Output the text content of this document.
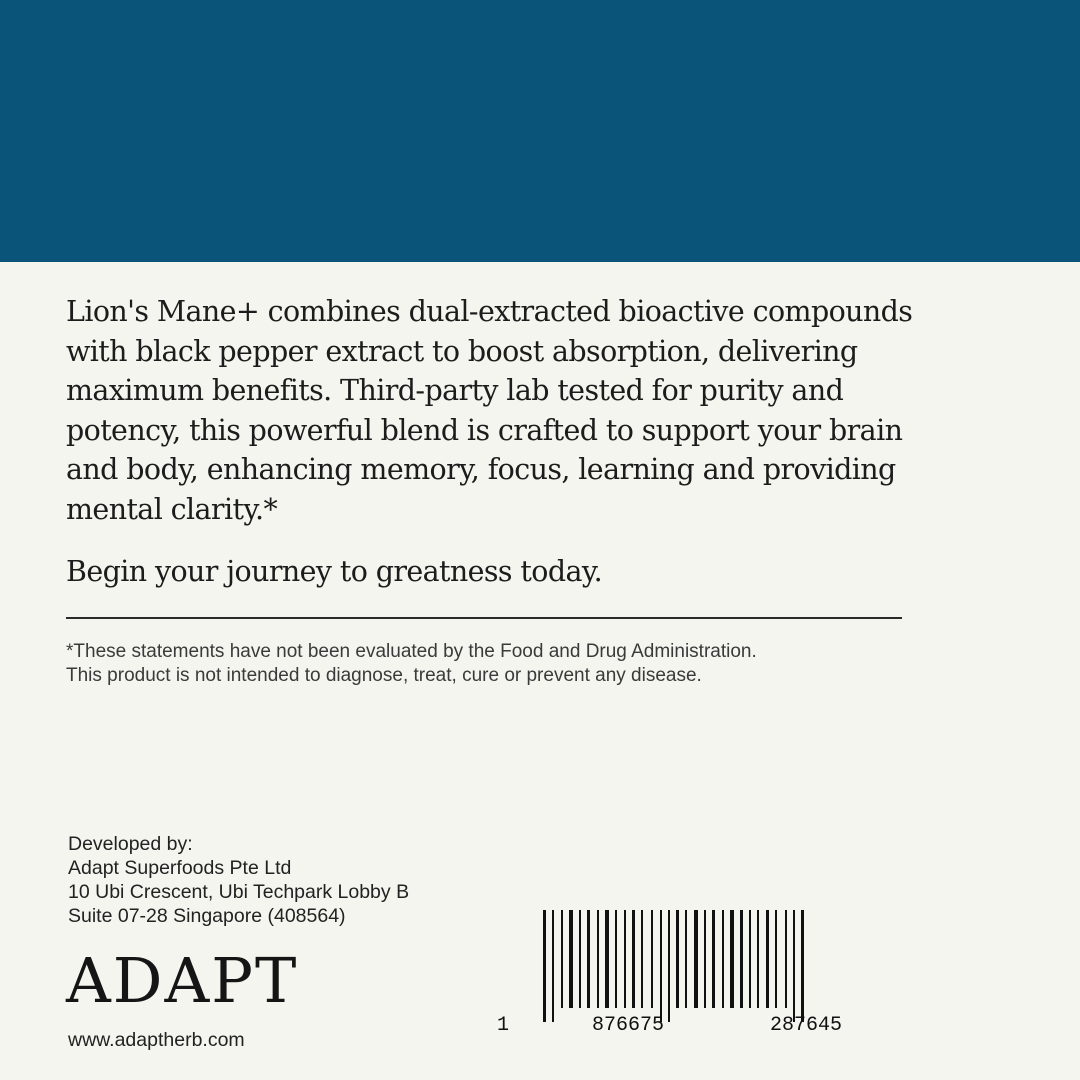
Lion's Mane+ combines dual-extracted bioactive compounds with black pepper extract to boost absorption, delivering maximum benefits. Third-party lab tested for purity and potency, this powerful blend is crafted to support your brain and body, enhancing memory, focus, learning and providing mental clarity.*

Begin your journey to greatness today.

*These statements have not been evaluated by the Food and Drug Administration.
This product is not intended to diagnose, treat, cure or prevent any disease.
Developed by:
Adapt Superfoods Pte Ltd
10 Ubi Crescent, Ubi Techpark Lobby B
Suite 07-28 Singapore (408564)
ADAPT
www.adaptherb.com
1	876675	287645
